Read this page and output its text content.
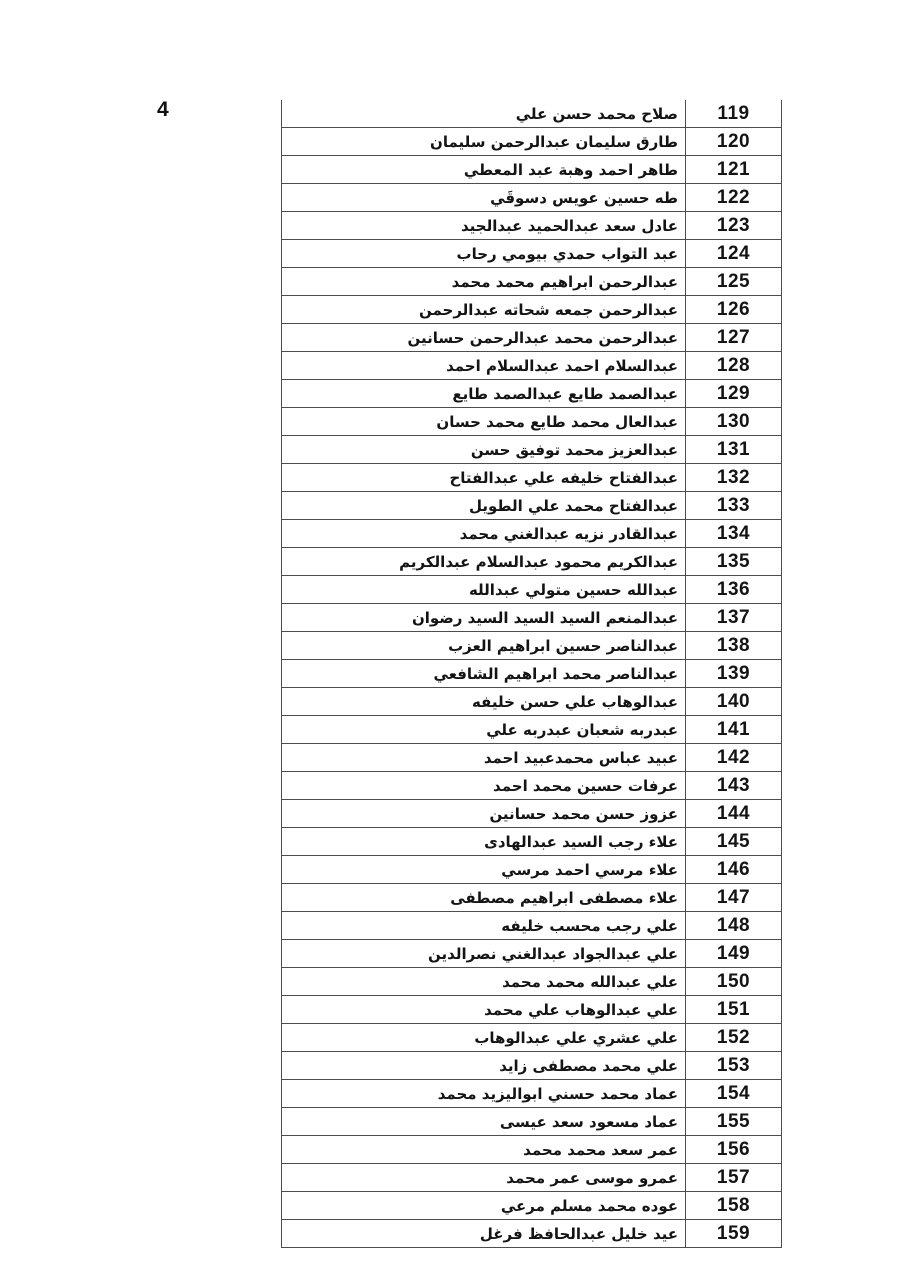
4	119	صلاح محمد حسن علي
120	طارق سليمان عبدالرحمن سليمان
121	طاهر احمد وهبة عبد المعطي
122	طه حسين عويس دسوقَي
123	عادل سعد عبدالحميد عبدالجيد
124	عبد التواب حمدي بيومي رحاب
125	عبدالرحمن ابراهيم محمد محمد
126	عبدالرحمن جمعه شحاته عبدالرحمن
127	عبدالرحمن محمد عبدالرحمن حسانين
128	عبدالسلام احمد عبدالسلام احمد
129	عبدالصمد طايع عبدالصمد طايع
130	عبدالعال محمد طايع محمد حسان
131	عبدالعزيز محمد توفيق حسن
132	عبدالفتاح خليفه علي عبدالفتاح
133	عبدالفتاح محمد علي الطويل
134	عبدالقادر نزيه عبدالغني محمد
135	عبدالكريم محمود عبدالسلام عبدالكريم
136	عبدالله حسين متولي عبدالله
137	عبدالمنعم السيد السيد السيد رضوان
138	عبدالناصر حسين ابراهيم العزب
139	عبدالناصر محمد ابراهيم الشافعي
140	عبدالوهاب علي حسن خليفه
141	عبدربه شعبان عبدربه علي
142	عبيد عباس محمدعبيد احمد
143	عرفات حسين محمد احمد
144	عزوز حسن محمد حسانين
145	علاء رجب السيد عبدالهادى
146	علاء مرسي احمد مرسي
147	علاء مصطفى ابراهيم مصطفى
148	علي رجب محسب خليفه
149	علي عبدالجواد عبدالغني نصرالدين
150	علي عبدالله محمد محمد
151	علي عبدالوهاب علي محمد
152	علي عشري علي عبدالوهاب
153	علي محمد مصطفى زايد
154	عماد محمد حسني ابواليزيد محمد
155	عماد مسعود سعد عيسى
156	عمر سعد محمد محمد
157	عمرو موسى عمر محمد
158	عوده محمد مسلم مرعي
159	عيد خليل عبدالحافظ فرغل
